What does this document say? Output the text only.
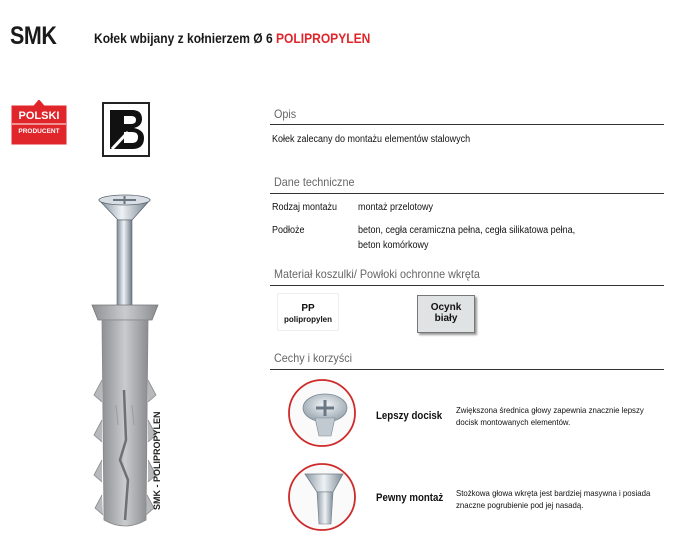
SMK	Kołek wbijany z kołnierzem Ø 6 POLIPROPYLEN
POLSKI
PRODUCENT
SMK - POLIPROPYLEN
Opis
Kołek zalecany do montażu elementów stalowych
Dane techniczne
Rodzaj montażu montaż przelotowy
Podłoże	beton, cegła ceramiczna pełna, cegła silikatowa pełna,
beton komórkowy
Materiał koszulki/ Powłoki ochronne wkręta
PP
polipropylen
Ocynk
biały
Cechy i korzyści
Lepszy docisk Zwiększona średnica głowy zapewnia znacznie lepszy
docisk montowanych elementów.
Pewny montaż Stożkowa głowa wkręta jest bardziej masywna i posiada
znaczne pogrubienie pod jej nasadą.
